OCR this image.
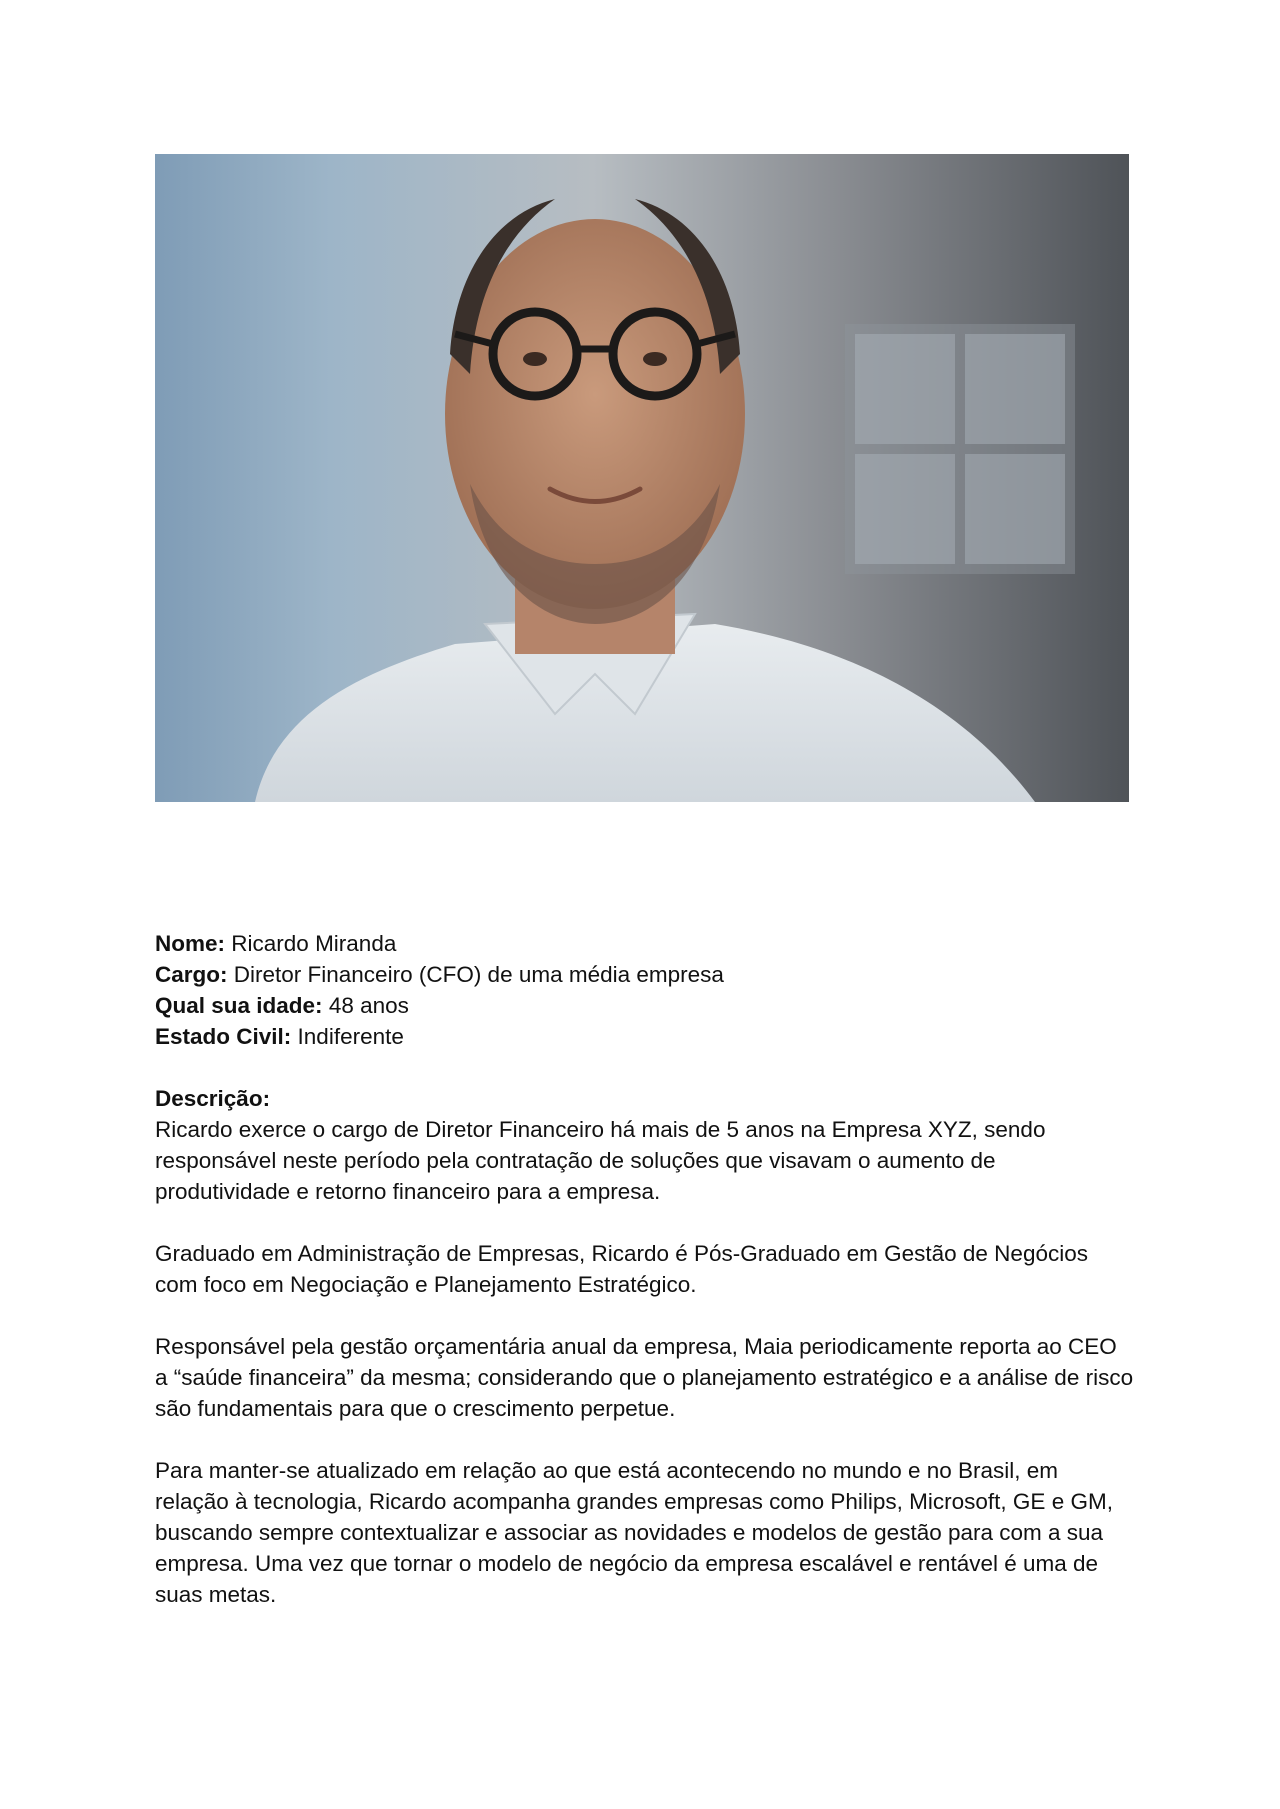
Nome: Ricardo Miranda
Cargo: Diretor Financeiro (CFO) de uma média empresa
Qual sua idade: 48 anos
Estado Civil: Indiferente
Descrição:

Ricardo exerce o cargo de Diretor Financeiro há mais de 5 anos na Empresa XYZ, sendo responsável neste período pela contratação de soluções que visavam o aumento de produtividade e retorno financeiro para a empresa.

Graduado em Administração de Empresas, Ricardo é Pós-Graduado em Gestão de Negócios com foco em Negociação e Planejamento Estratégico.

Responsável pela gestão orçamentária anual da empresa, Maia periodicamente reporta ao CEO a “saúde financeira” da mesma; considerando que o planejamento estratégico e a análise de risco são fundamentais para que o crescimento perpetue.

Para manter-se atualizado em relação ao que está acontecendo no mundo e no Brasil, em relação à tecnologia, Ricardo acompanha grandes empresas como Philips, Microsoft, GE e GM, buscando sempre contextualizar e associar as novidades e modelos de gestão para com a sua empresa. Uma vez que tornar o modelo de negócio da empresa escalável e rentável é uma de suas metas.
